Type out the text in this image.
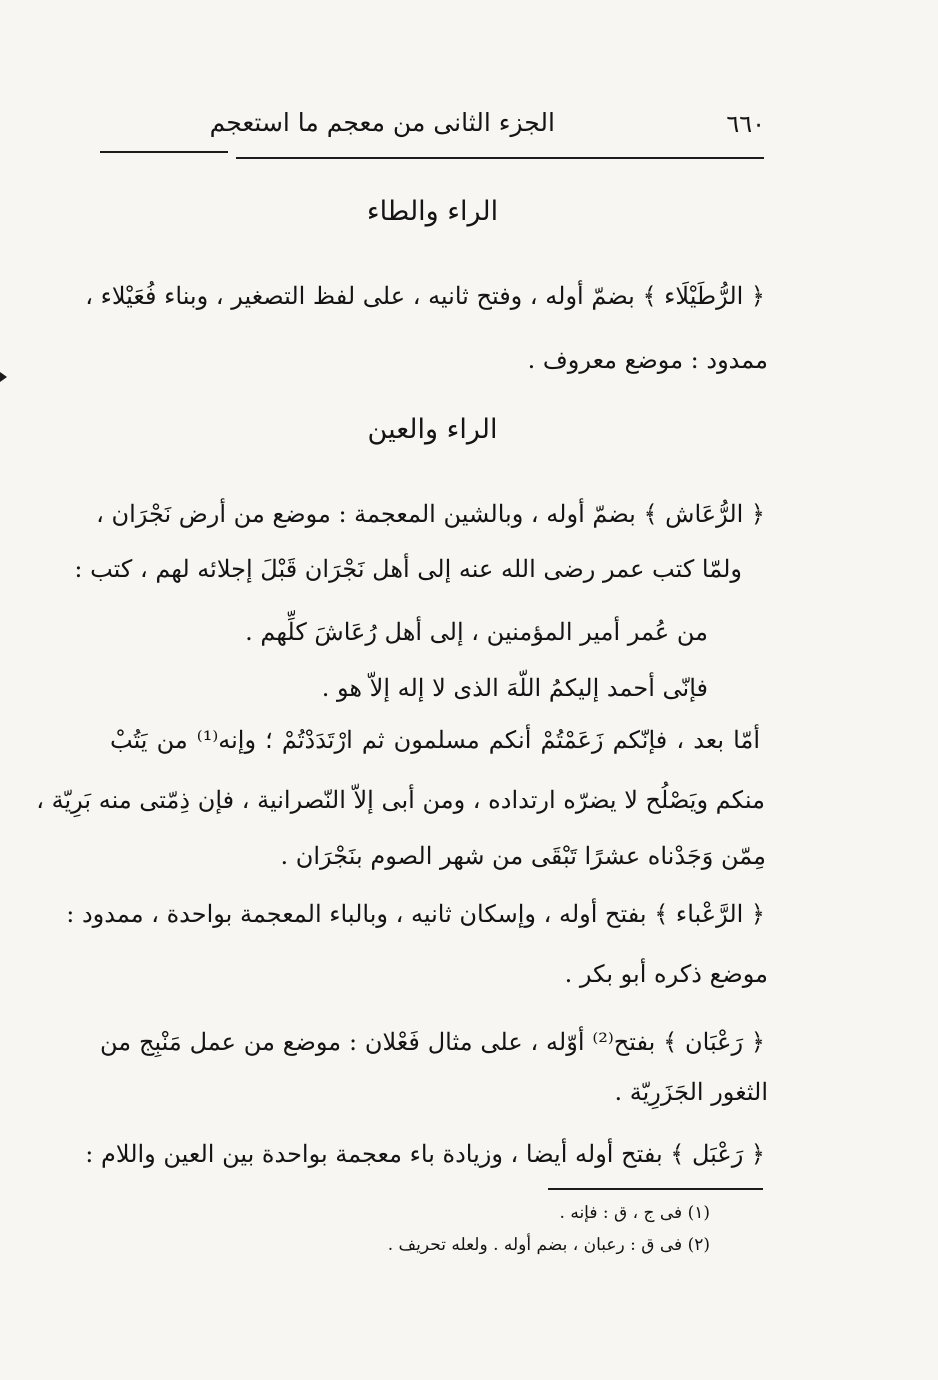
الجزء الثانى من معجم ما استعجم	٦٦٠
الراء والطاء
﴿ الرُّطَيْلَاء ﴾ بضمّ أوله ، وفتح ثانيه ، على لفظ التصغير ، وبناء فُعَيْلاء ،
ممدود : موضع معروف .
الراء والعين
﴿ الرُّعَاش ﴾ بضمّ أوله ، وبالشين المعجمة : موضع من أرض نَجْرَان ،
ولمّا كتب عمر رضى الله عنه إلى أهل نَجْرَان قَبْلَ إجلائه لهم ، كتب :
من عُمر أمير المؤمنين ، إلى أهل رُعَاشَ كلِّهم .
فإنّى أحمد إليكمُ اللّهَ الذى لا إله إلاّ هو .
أمّا بعد ، فإنّكم زَعَمْتُمْ أنكم مسلمون ثم ارْتَدَدْتُمْ ؛ وإنه⁽¹⁾ من يَتُبْ
منكم ويَصْلُح لا يضرّه ارتداده ، ومن أبى إلاّ النّصرانية ، فإن ذِمّتى منه بَرِيّة ،
مِمّن وَجَدْناه عشرًا تَبْقَى من شهر الصوم بنَجْرَان .
﴿ الرَّعْباء ﴾ بفتح أوله ، وإسكان ثانيه ، وبالباء المعجمة بواحدة ، ممدود :
موضع ذكره أبو بكر .
﴿ رَعْبَان ﴾ بفتح⁽²⁾ أوّله ، على مثال فَعْلان : موضع من عمل مَنْبِج من
الثغور الجَزَرِيّة .
﴿ رَعْبَل ﴾ بفتح أوله أيضا ، وزيادة باء معجمة بواحدة بين العين واللام :
(١) فى ج ، ق : فإنه .
(٢) فى ق : رعبان ، بضم أوله . ولعله تحريف .
